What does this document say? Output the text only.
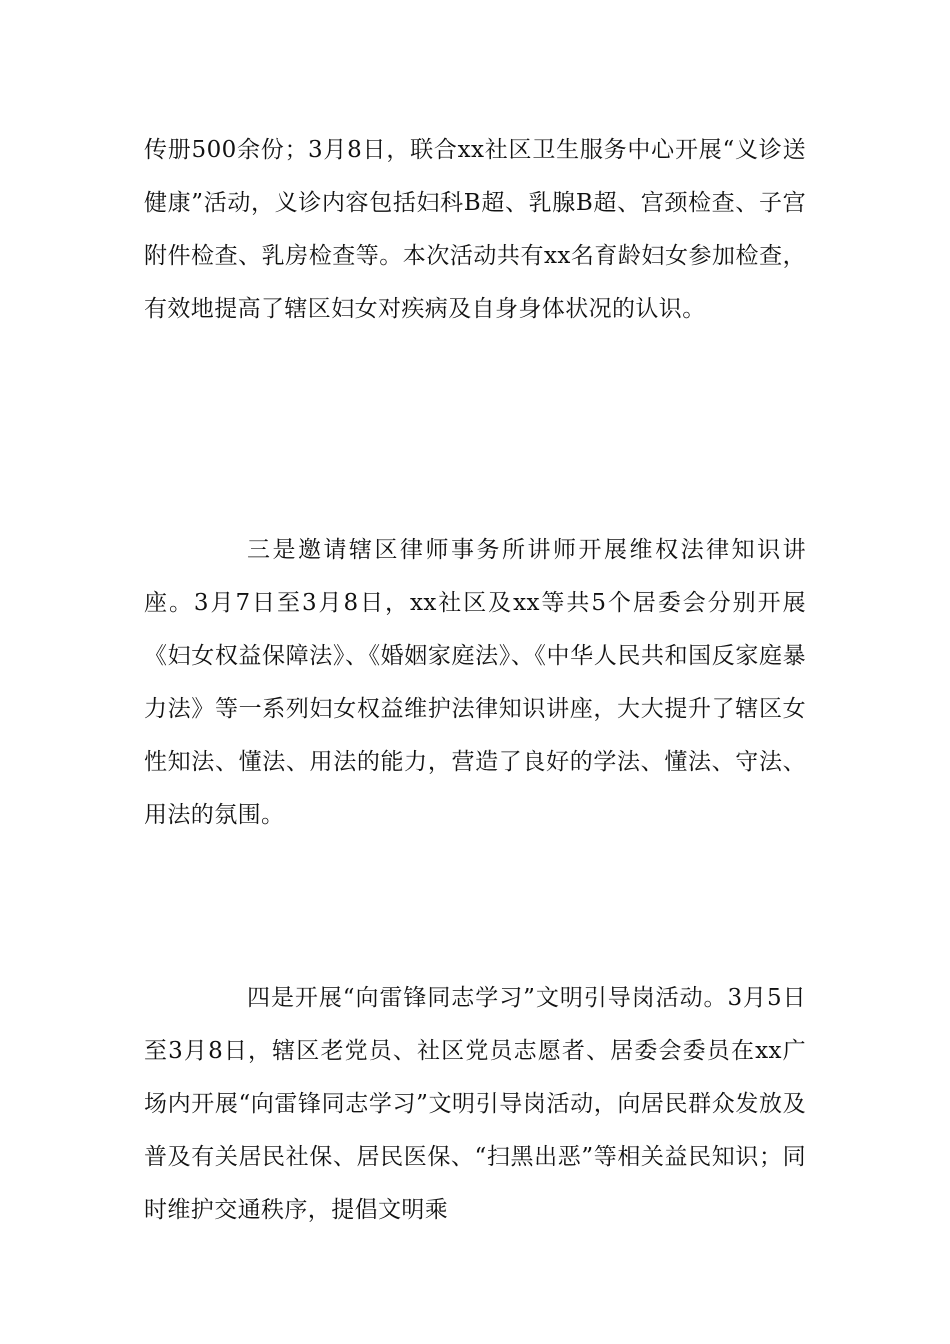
传册500余份；3月8日，联合xx社区卫生服务中心开展“义诊送健康”活动，义诊内容包括妇科B超、乳腺B超、宫颈检查、子宫附件检查、乳房检查等。本次活动共有xx名育龄妇女参加检查，有效地提高了辖区妇女对疾病及自身身体状况的认识。

三是邀请辖区律师事务所讲师开展维权法律知识讲座。3月7日至3月8日，xx社区及xx等共5个居委会分别开展《妇女权益保障法》、《婚姻家庭法》、《中华人民共和国反家庭暴力法》等一系列妇女权益维护法律知识讲座，大大提升了辖区女性知法、懂法、用法的能力，营造了良好的学法、懂法、守法、用法的氛围。

四是开展“向雷锋同志学习”文明引导岗活动。3月5日至3月8日，辖区老党员、社区党员志愿者、居委会委员在xx广场内开展“向雷锋同志学习”文明引导岗活动，向居民群众发放及普及有关居民社保、居民医保、“扫黑出恶”等相关益民知识；同时维护交通秩序，提倡文明乘
